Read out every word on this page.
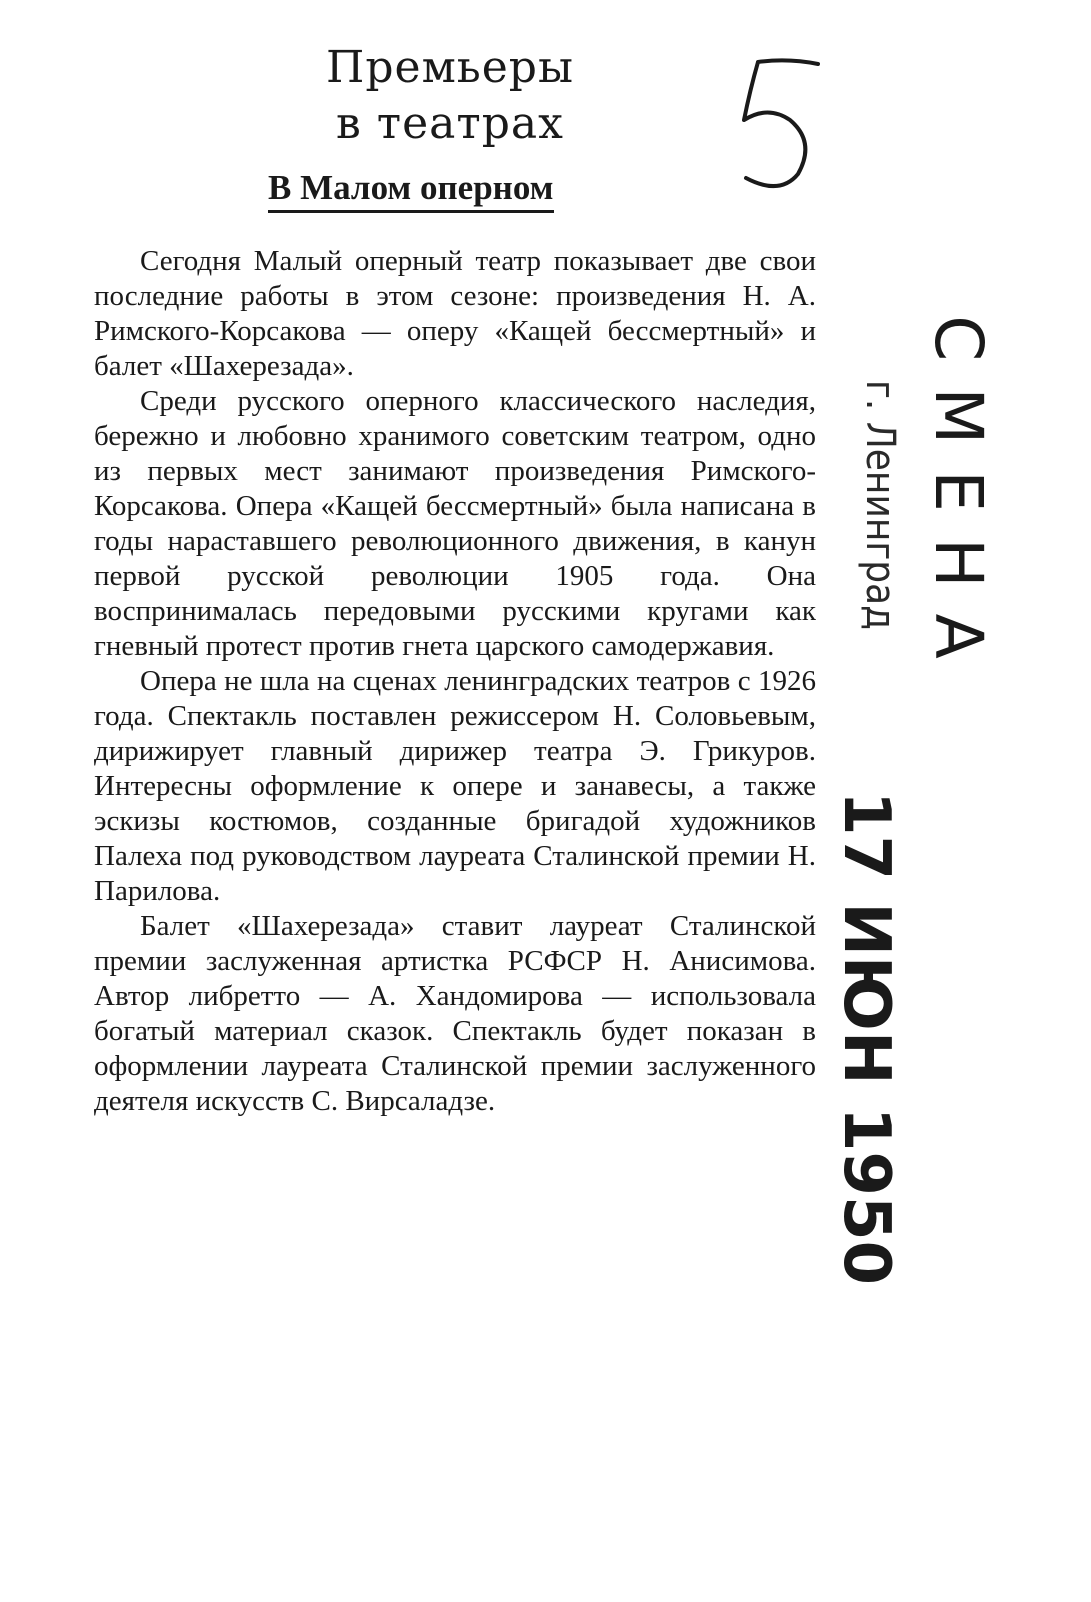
Премьеры
в театрах
В Малом оперном

Сегодня Малый оперный театр показывает две свои последние работы в этом сезоне: произведения Н. А. Римского-Корсакова — оперу «Кащей бессмертный» и балет «Шахерезада».

Среди русского оперного классического наследия, бережно и любовно хранимого советским театром, одно из первых мест занимают произведения Римского-Корсакова. Опера «Кащей бессмертный» была написана в годы нараставшего революционного движения, в канун первой русской революции 1905 года. Она воспринималась передовыми русскими кругами как гневный протест против гнета царского самодержавия.

Опера не шла на сценах ленинградских театров с 1926 года. Спектакль поставлен режиссером Н. Соловьевым, дирижирует главный дирижер театра Э. Грикуров. Интересны оформление к опере и занавесы, а также эскизы костюмов, созданные бригадой художников Палеха под руководством лауреата Сталинской премии Н. Парилова.

Балет «Шахерезада» ставит лауреат Сталинской премии заслуженная артистка РСФСР Н. Анисимова. Автор либретто — А. Хандомирова — использовала богатый материал сказок. Спектакль будет показан в оформлении лауреата Сталинской премии заслуженного деятеля искусств С. Вирсаладзе.

СМЕНА
г. Ленинград
17 ИЮН 1950
